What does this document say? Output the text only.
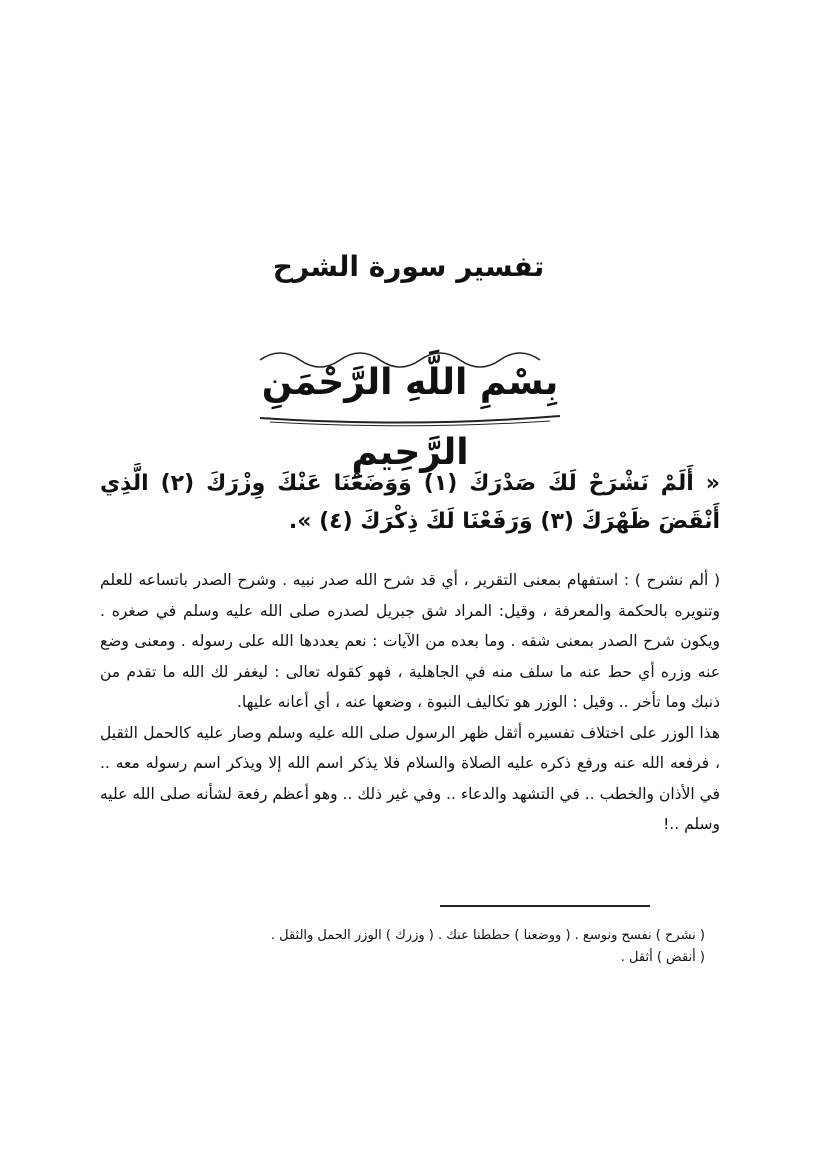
تفسير سورة الشرح
بِسْمِ اللَّهِ الرَّحْمَنِ الرَّحِيمِ
« أَلَمْ نَشْرَحْ لَكَ صَدْرَكَ (١) وَوَضَعْنَا عَنْكَ وِزْرَكَ (٢) الَّذِي أَنْقَضَ ظَهْرَكَ (٣) وَرَفَعْنَا لَكَ ذِكْرَكَ (٤) ».

( ألم نشرح ) : استفهام بمعنى التقرير ، أي قد شرح الله صدر نبيه . وشرح الصدر باتساعه للعلم وتنويره بالحكمة والمعرفة ، وقيل: المراد شق جبريل لصدره صلى الله عليه وسلم في صغره . ويكون شرح الصدر بمعنى شقه . وما بعده من الآيات : نعم يعددها الله على رسوله . ومعنى وضع عنه وزره أي حط عنه ما سلف منه في الجاهلية ، فهو كقوله تعالى : ليغفر لك الله ما تقدم من ذنبك وما تأخر .. وقيل : الوزر هو تكاليف النبوة ، وضعها عنه ، أي أعانه عليها.

هذا الوزر على اختلاف تفسيره أثقل ظهر الرسول صلى الله عليه وسلم وصار عليه كالحمل الثقيل ، فرفعه الله عنه ورفع ذكره عليه الصلاة والسلام فلا يذكر اسم الله إلا ويذكر اسم رسوله معه .. في الأذان والخطب .. في التشهد والدعاء .. وفي غير ذلك .. وهو أعظم رفعة لشأنه صلى الله عليه وسلم ..!

( نشرح ) نفسح ونوسع . ( ووضعنا ) حططنا عنك . ( وزرك ) الوزر الحمل والثقل .
( أنقض ) أثقل .
